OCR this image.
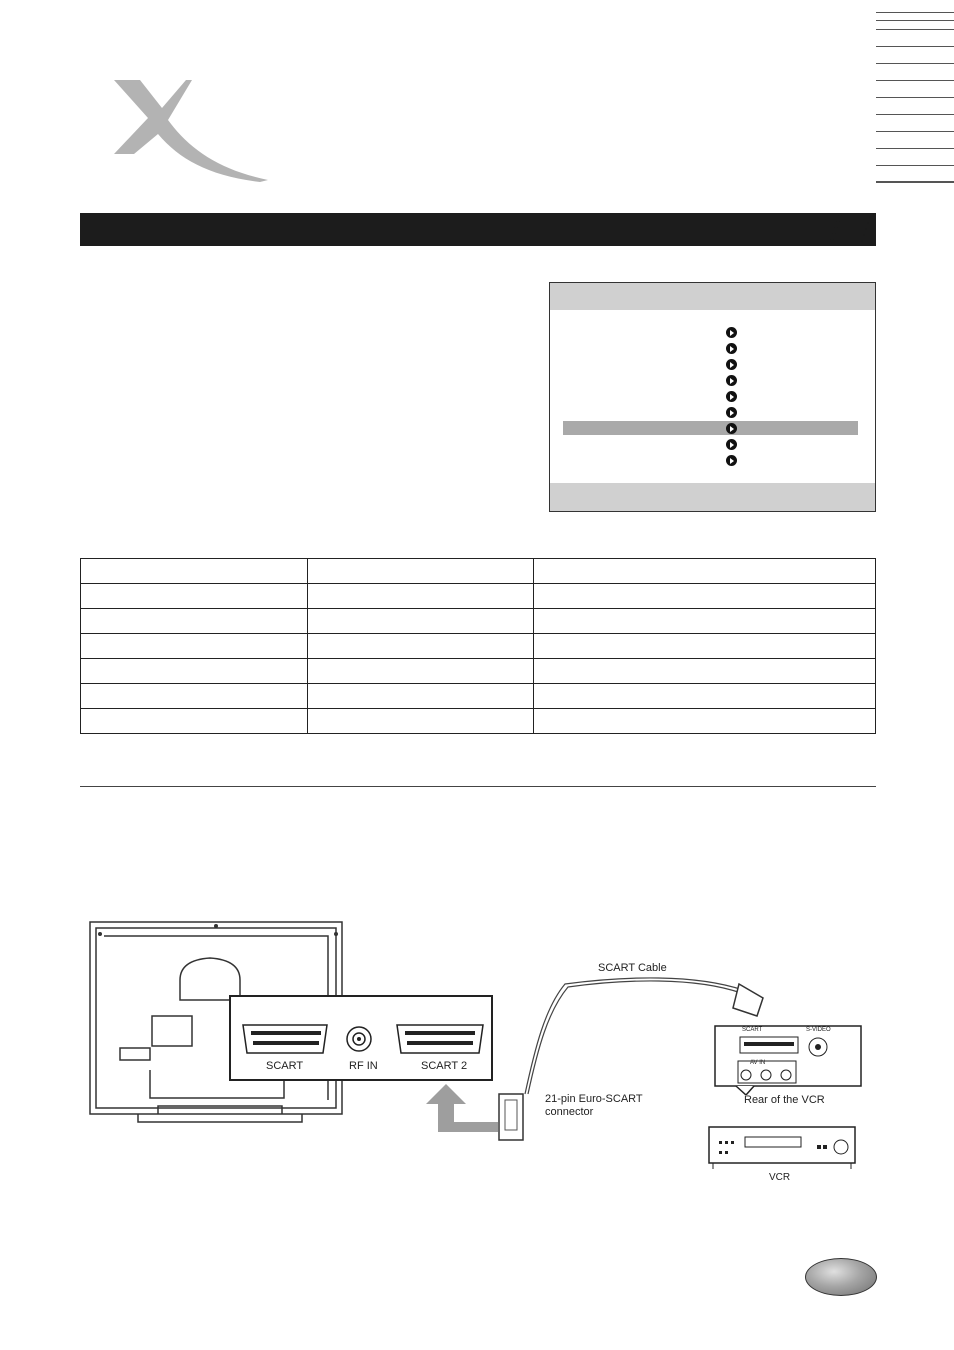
SCART	RF IN	SCART 2
SCART Cable
21-pin Euro-SCART
connector
SCART	S-VIDEO
AV IN
Rear of the VCR
VCR
